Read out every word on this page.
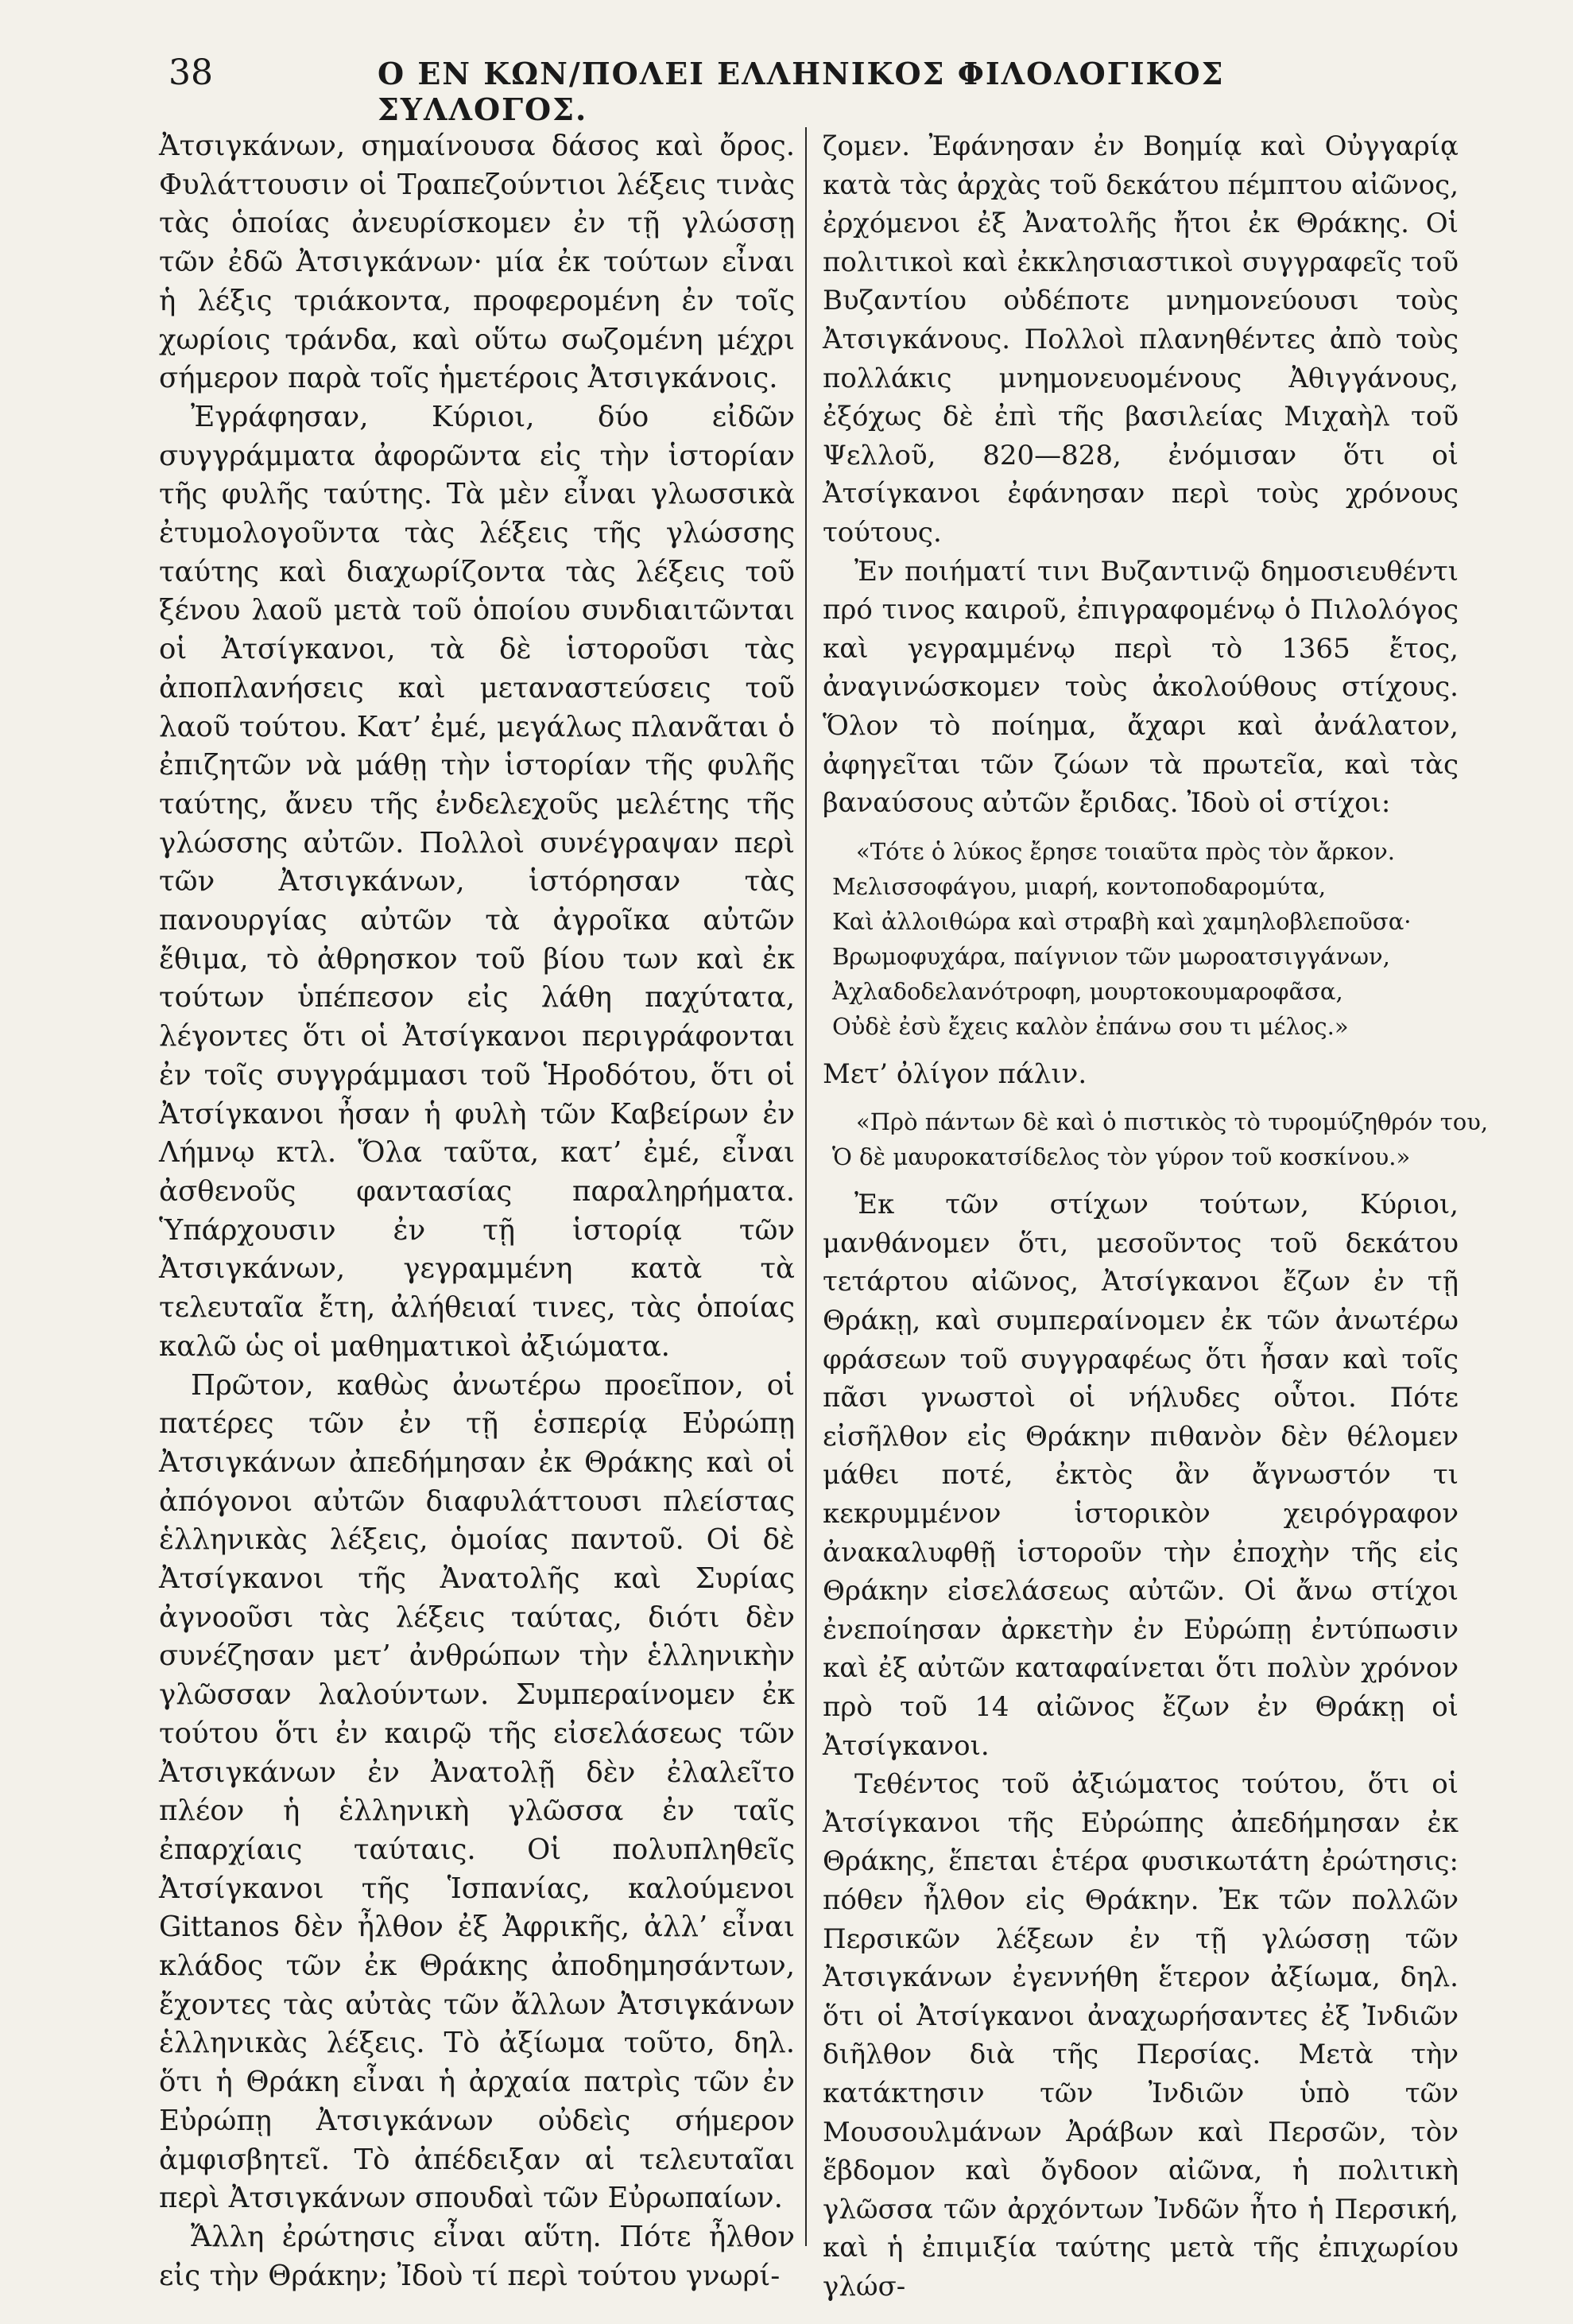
38	Ο ΕΝ ΚΩΝ/ΠΟΛΕΙ ΕΛΛΗΝΙΚΟΣ ΦΙΛΟΛΟΓΙΚΟΣ ΣΥΛΛΟΓΟΣ.

Ἀτσιγκάνων, σημαίνουσα δάσος καὶ ὄρος. Φυλάττουσιν οἱ Τραπεζούντιοι λέξεις τινὰς τὰς ὁποίας ἀνευρίσκομεν ἐν τῇ γλώσσῃ τῶν ἐδῶ Ἀτσιγκάνων· μία ἐκ τούτων εἶναι ἡ λέξις τριάκοντα, προφερομένη ἐν τοῖς χωρίοις τράνδα, καὶ οὕτω σωζομένη μέχρι σήμερον παρὰ τοῖς ἡμετέροις Ἀτσιγκάνοις.

Ἐγράφησαν, Κύριοι, δύο εἰδῶν συγγράμματα ἀφορῶντα εἰς τὴν ἱστορίαν τῆς φυλῆς ταύτης. Τὰ μὲν εἶναι γλωσσικὰ ἐτυμολογοῦντα τὰς λέξεις τῆς γλώσσης ταύτης καὶ διαχωρίζοντα τὰς λέξεις τοῦ ξένου λαοῦ μετὰ τοῦ ὁποίου συνδιαιτῶνται οἱ Ἀτσίγκανοι, τὰ δὲ ἱστοροῦσι τὰς ἀποπλανήσεις καὶ μεταναστεύσεις τοῦ λαοῦ τούτου. Κατ’ ἐμέ, μεγάλως πλανᾶται ὁ ἐπιζητῶν νὰ μάθῃ τὴν ἱστορίαν τῆς φυλῆς ταύτης, ἄνευ τῆς ἐνδελεχοῦς μελέτης τῆς γλώσσης αὐτῶν. Πολλοὶ συνέγραψαν περὶ τῶν Ἀτσιγκάνων, ἱστόρησαν τὰς πανουργίας αὐτῶν τὰ ἀγροῖκα αὐτῶν ἔθιμα, τὸ ἀθρησκον τοῦ βίου των καὶ ἐκ τούτων ὑπέπεσον εἰς λάθη παχύτατα, λέγοντες ὅτι οἱ Ἀτσίγκανοι περιγράφονται ἐν τοῖς συγγράμμασι τοῦ Ἡροδότου, ὅτι οἱ Ἀτσίγκανοι ἦσαν ἡ φυλὴ τῶν Καβείρων ἐν Λήμνῳ κτλ. Ὅλα ταῦτα, κατ’ ἐμέ, εἶναι ἀσθενοῦς φαντασίας παραληρήματα. Ὑπάρχουσιν ἐν τῇ ἱστορίᾳ τῶν Ἀτσιγκάνων, γεγραμμένη κατὰ τὰ τελευταῖα ἔτη, ἀλήθειαί τινες, τὰς ὁποίας καλῶ ὡς οἱ μαθηματικοὶ ἀξιώματα.

Πρῶτον, καθὼς ἀνωτέρω προεῖπον, οἱ πατέρες τῶν ἐν τῇ ἑσπερίᾳ Εὐρώπῃ Ἀτσιγκάνων ἀπεδήμησαν ἐκ Θράκης καὶ οἱ ἀπόγονοι αὐτῶν διαφυλάττουσι πλείστας ἑλληνικὰς λέξεις, ὁμοίας παντοῦ. Οἱ δὲ Ἀτσίγκανοι τῆς Ἀνατολῆς καὶ Συρίας ἀγνοοῦσι τὰς λέξεις ταύτας, διότι δὲν συνέζησαν μετ’ ἀνθρώπων τὴν ἑλληνικὴν γλῶσσαν λαλούντων. Συμπεραίνομεν ἐκ τούτου ὅτι ἐν καιρῷ τῆς εἰσελάσεως τῶν Ἀτσιγκάνων ἐν Ἀνατολῇ δὲν ἐλαλεῖτο πλέον ἡ ἑλληνικὴ γλῶσσα ἐν ταῖς ἐπαρχίαις ταύταις. Οἱ πολυπληθεῖς Ἀτσίγκανοι τῆς Ἱσπανίας, καλούμενοι Gittanos δὲν ἦλθον ἐξ Ἀφρικῆς, ἀλλ’ εἶναι κλάδος τῶν ἐκ Θράκης ἀποδημησάντων, ἔχοντες τὰς αὐτὰς τῶν ἄλλων Ἀτσιγκάνων ἑλληνικὰς λέξεις. Τὸ ἀξίωμα τοῦτο, δηλ. ὅτι ἡ Θράκη εἶναι ἡ ἀρχαία πατρὶς τῶν ἐν Εὐρώπῃ Ἀτσιγκάνων οὐδεὶς σήμερον ἀμφισβητεῖ. Τὸ ἀπέδειξαν αἱ τελευταῖαι περὶ Ἀτσιγκάνων σπουδαὶ τῶν Εὐρωπαίων.

Ἄλλη ἐρώτησις εἶναι αὕτη. Πότε ἦλθον εἰς τὴν Θράκην; Ἰδοὺ τί περὶ τούτου γνωρί-

ζομεν. Ἐφάνησαν ἐν Βοημίᾳ καὶ Οὐγγαρίᾳ κατὰ τὰς ἀρχὰς τοῦ δεκάτου πέμπτου αἰῶνος, ἐρχόμενοι ἐξ Ἀνατολῆς ἤτοι ἐκ Θράκης. Οἱ πολιτικοὶ καὶ ἐκκλησιαστικοὶ συγγραφεῖς τοῦ Βυζαντίου οὐδέποτε μνημονεύουσι τοὺς Ἀτσιγκάνους. Πολλοὶ πλανηθέντες ἀπὸ τοὺς πολλάκις μνημονευομένους Ἀθιγγάνους, ἐξόχως δὲ ἐπὶ τῆς βασιλείας Μιχαὴλ τοῦ Ψελλοῦ, 820—828, ἐνόμισαν ὅτι οἱ Ἀτσίγκανοι ἐφάνησαν περὶ τοὺς χρόνους τούτους.

Ἐν ποιήματί τινι Βυζαντινῷ δημοσιευθέντι πρό τινος καιροῦ, ἐπιγραφομένῳ ὁ Πιλολόγος καὶ γεγραμμένῳ περὶ τὸ 1365 ἔτος, ἀναγινώσκομεν τοὺς ἀκολούθους στίχους. Ὅλον τὸ ποίημα, ἄχαρι καὶ ἀνάλατον, ἀφηγεῖται τῶν ζώων τὰ πρωτεῖα, καὶ τὰς βαναύσους αὐτῶν ἔριδας. Ἰδοὺ οἱ στίχοι:

«Τότε ὁ λύκος ἔρησε τοιαῦτα πρὸς τὸν ἄρκον.
Μελισσοφάγου, μιαρή, κοντοποδαρομύτα,
Καὶ ἀλλοιθώρα καὶ στραβὴ καὶ χαμηλοβλεποῦσα·
Βρωμοφυχάρα, παίγνιον τῶν μωροατσιγγάνων,
Ἀχλαδοδελανότροφη, μουρτοκουμαροφᾶσα,
Οὐδὲ ἐσὺ ἔχεις καλὸν ἐπάνω σου τι μέλος.»

Μετ’ ὀλίγον πάλιν.

«Πρὸ πάντων δὲ καὶ ὁ πιστικὸς τὸ τυρομύζηθρόν του,
Ὁ δὲ μαυροκατσίδελος τὸν γύρον τοῦ κοσκίνου.»

Ἐκ τῶν στίχων τούτων, Κύριοι, μανθάνομεν ὅτι, μεσοῦντος τοῦ δεκάτου τετάρτου αἰῶνος, Ἀτσίγκανοι ἔζων ἐν τῇ Θράκῃ, καὶ συμπεραίνομεν ἐκ τῶν ἀνωτέρω φράσεων τοῦ συγγραφέως ὅτι ἦσαν καὶ τοῖς πᾶσι γνωστοὶ οἱ νήλυδες οὗτοι. Πότε εἰσῆλθον εἰς Θράκην πιθανὸν δὲν θέλομεν μάθει ποτέ, ἐκτὸς ἂν ἄγνωστόν τι κεκρυμμένον ἱστορικὸν χειρόγραφον ἀνακαλυφθῇ ἱστοροῦν τὴν ἐποχὴν τῆς εἰς Θράκην εἰσελάσεως αὐτῶν. Οἱ ἄνω στίχοι ἐνεποίησαν ἀρκετὴν ἐν Εὐρώπῃ ἐντύπωσιν καὶ ἐξ αὐτῶν καταφαίνεται ὅτι πολὺν χρόνον πρὸ τοῦ 14 αἰῶνος ἔζων ἐν Θράκῃ οἱ Ἀτσίγκανοι.

Τεθέντος τοῦ ἀξιώματος τούτου, ὅτι οἱ Ἀτσίγκανοι τῆς Εὐρώπης ἀπεδήμησαν ἐκ Θράκης, ἕπεται ἑτέρα φυσικωτάτη ἐρώτησις: πόθεν ἦλθον εἰς Θράκην. Ἐκ τῶν πολλῶν Περσικῶν λέξεων ἐν τῇ γλώσσῃ τῶν Ἀτσιγκάνων ἐγεννήθη ἕτερον ἀξίωμα, δηλ. ὅτι οἱ Ἀτσίγκανοι ἀναχωρήσαντες ἐξ Ἰνδιῶν διῆλθον διὰ τῆς Περσίας. Μετὰ τὴν κατάκτησιν τῶν Ἰνδιῶν ὑπὸ τῶν Μουσουλμάνων Ἀράβων καὶ Περσῶν, τὸν ἕβδομον καὶ ὄγδοον αἰῶνα, ἡ πολιτικὴ γλῶσσα τῶν ἀρχόντων Ἰνδῶν ἦτο ἡ Περσική, καὶ ἡ ἐπιμιξία ταύτης μετὰ τῆς ἐπιχωρίου γλώσ-
